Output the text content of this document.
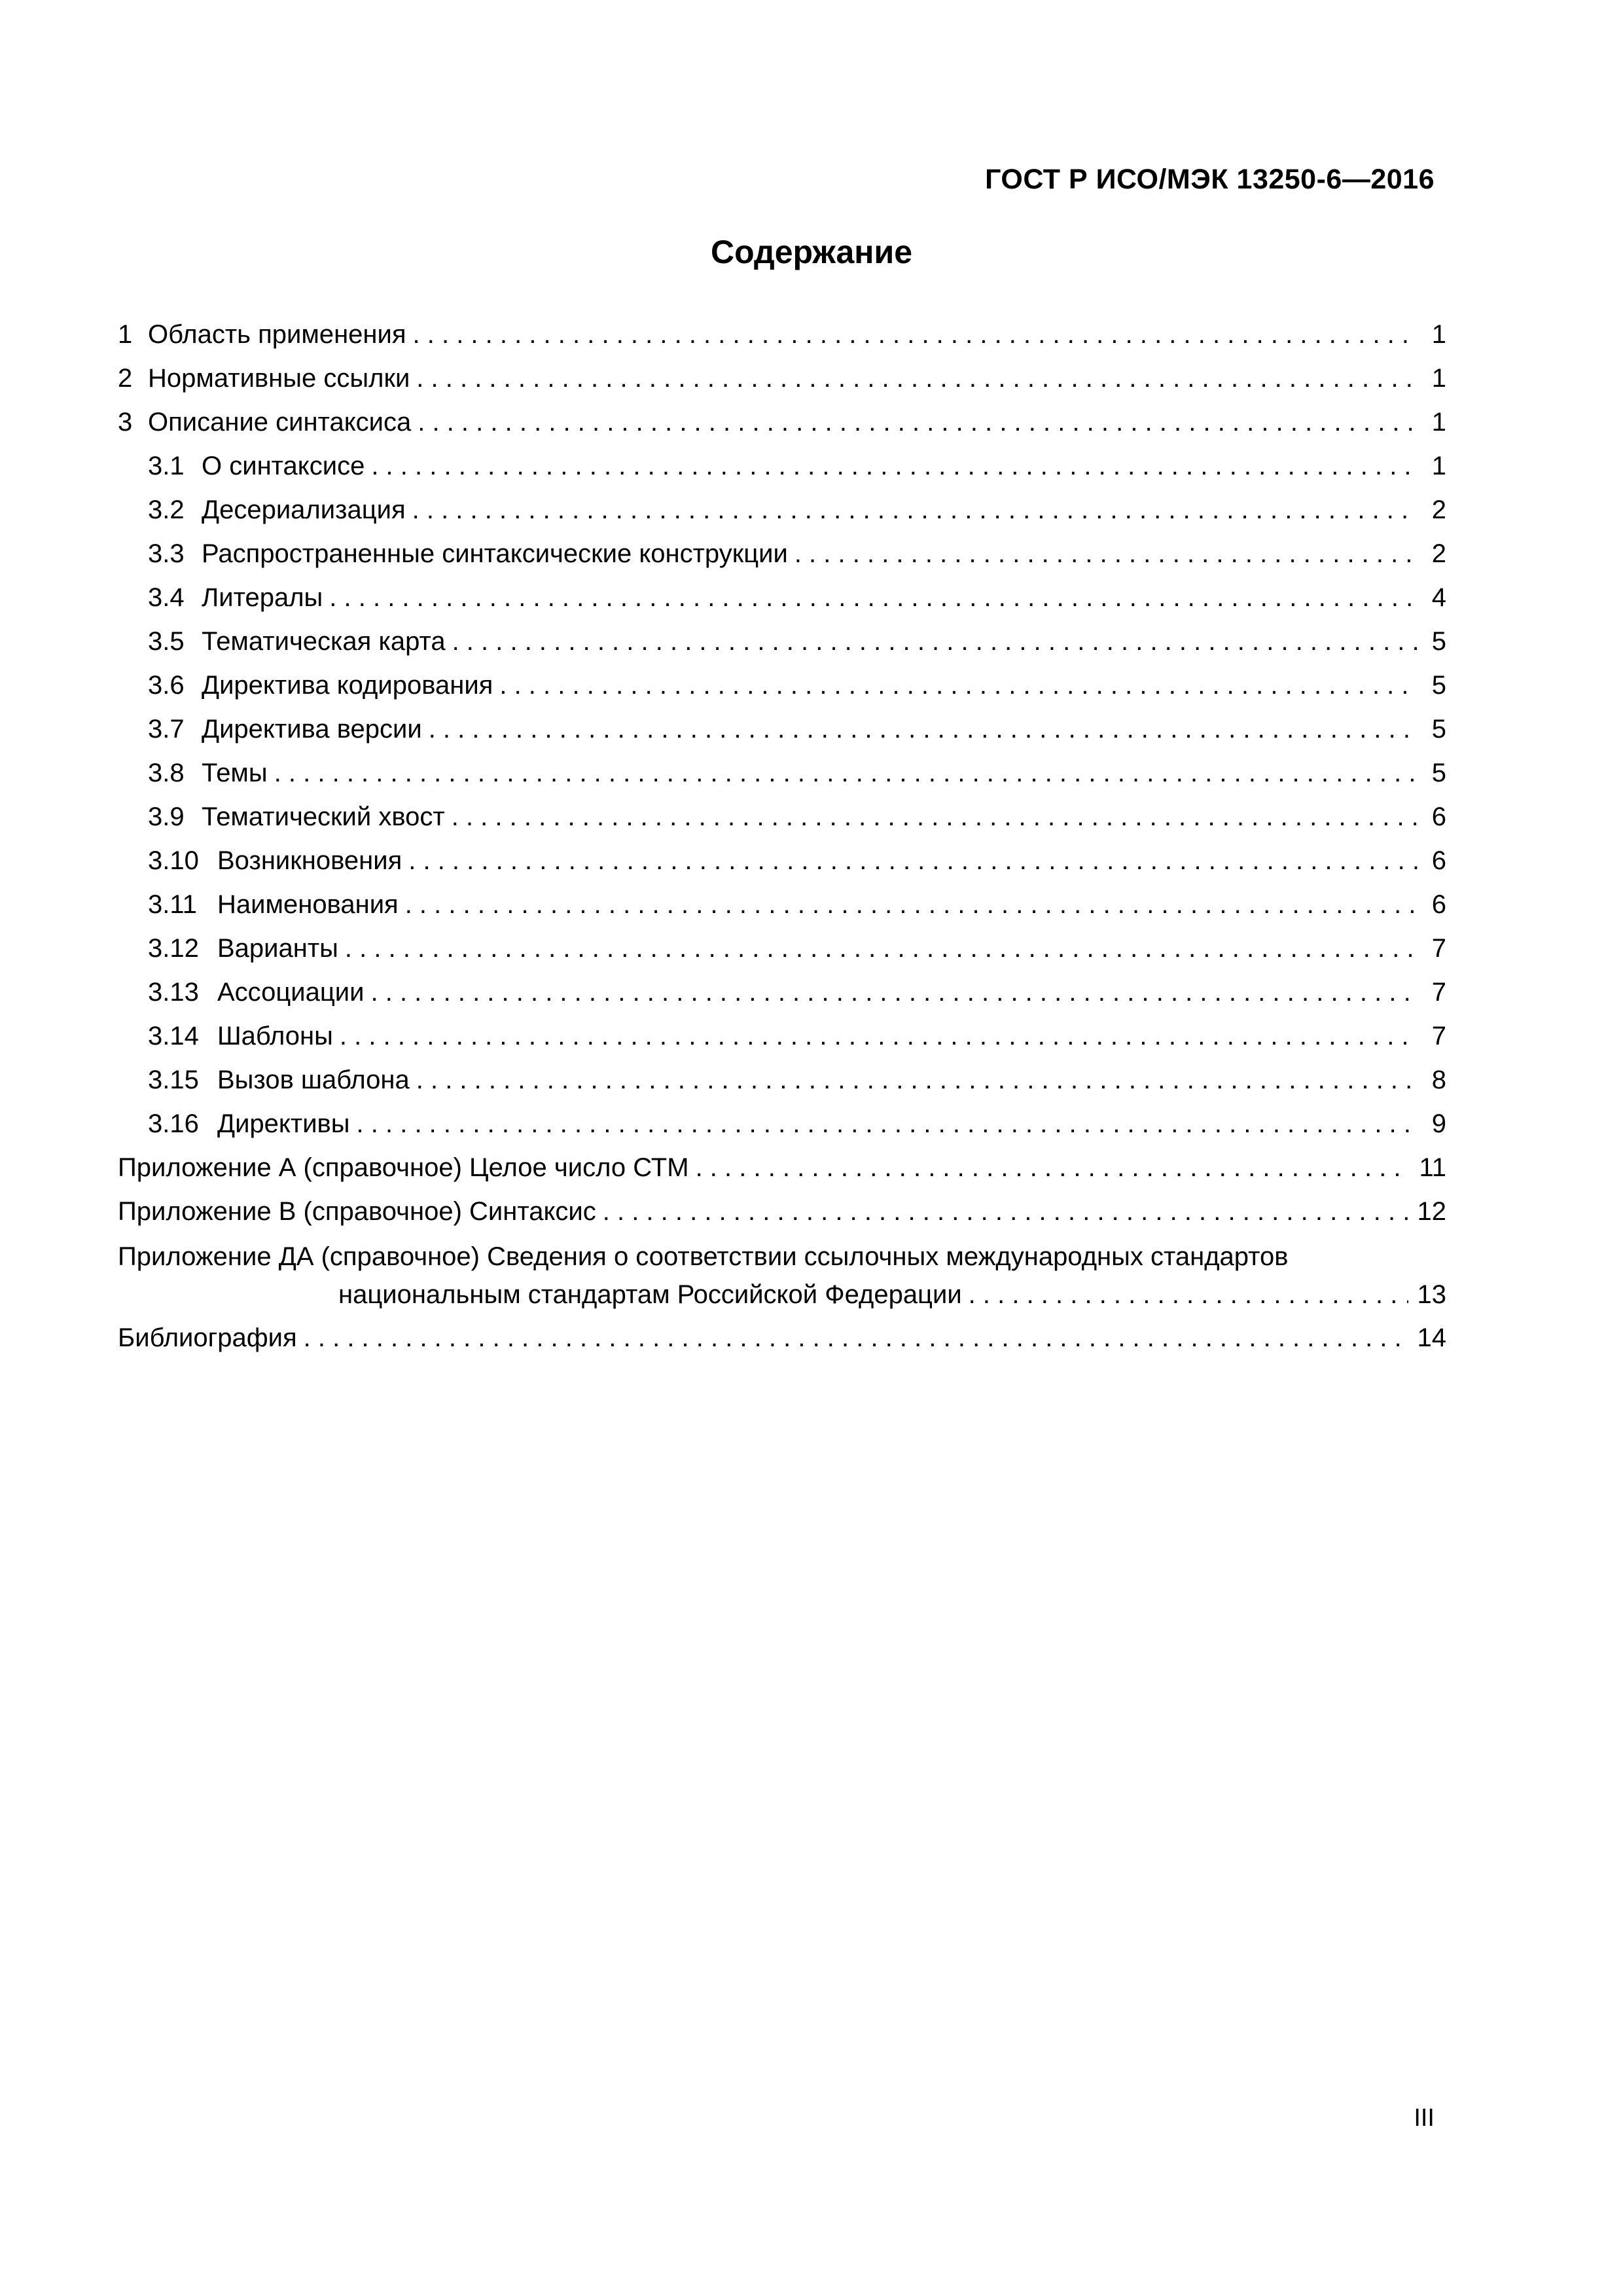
ГОСТ Р ИСО/МЭК 13250-6—2016
Содержание
1 Область применения . . .	1
2 Нормативные ссылки . . .	1
3 Описание синтаксиса . . .	1
3.1 О синтаксисе . . .	1
3.2 Десериализация . . .	2
3.3 Распространенные синтаксические конструкции . . .	2
3.4 Литералы . . .	4
3.5 Тематическая карта . . .	5
3.6 Директива кодирования . . .	5
3.7 Директива версии . . .	5
3.8 Темы . . .	5
3.9 Тематический хвост . . .	6
3.10 Возникновения . . .	6
3.11 Наименования . . .	6
3.12 Варианты . . .	7
3.13 Ассоциации . . .	7
3.14 Шаблоны . . .	7
3.15 Вызов шаблона . . .	8
3.16 Директивы . . .	9
Приложение А (справочное) Целое число СТМ . . .	11
Приложение В (справочное) Синтаксис . . .	12
Приложение ДА (справочное) Сведения о соответствии ссылочных международных стандартов
национальным стандартам Российской Федерации . . .	13
Библиография . . .	14
III
